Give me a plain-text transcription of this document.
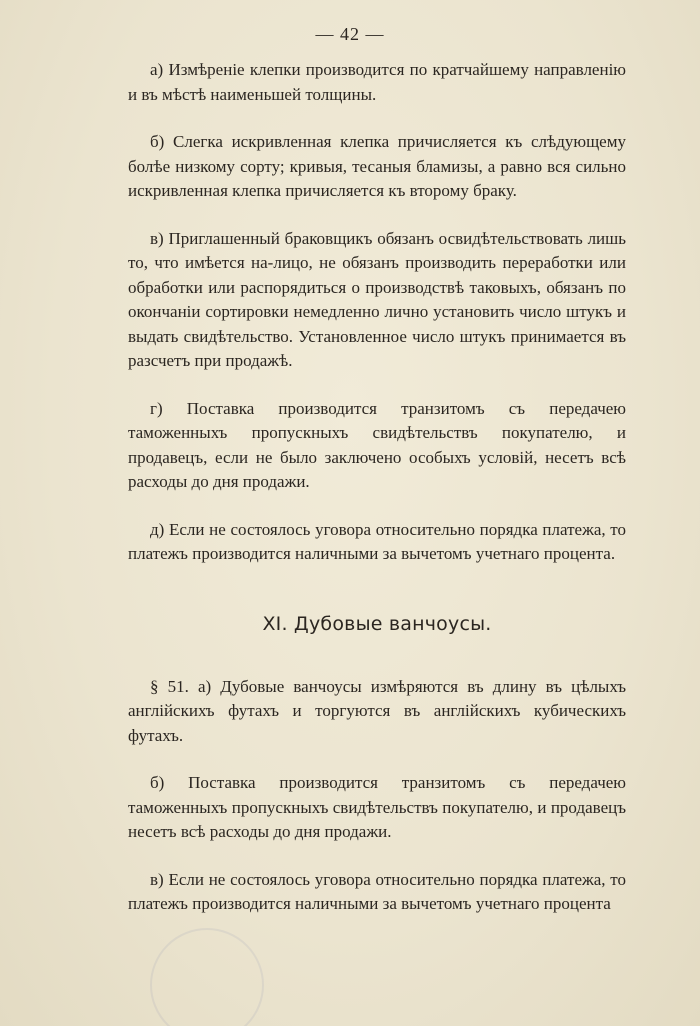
— 42 —

а) Измѣреніе клепки производится по кратчайшему направленію и въ мѣстѣ наименьшей толщины.

б) Слегка искривленная клепка причисляется къ слѣдующему болѣе низкому сорту; кривыя, тесаныя бламизы, а равно вся сильно искривленная клепка причисляется къ второму браку.

в) Приглашенный браковщикъ обязанъ освидѣтельствовать лишь то, что имѣется на-лицо, не обязанъ производить переработки или обработки или распорядиться о производствѣ таковыхъ, обязанъ по окончаніи сортировки немедленно лично установить число штукъ и выдать свидѣтельство. Установленное число штукъ принимается въ разсчетъ при продажѣ.

г) Поставка производится транзитомъ съ передачею таможенныхъ пропускныхъ свидѣтельствъ покупателю, и продавецъ, если не было заключено особыхъ условій, несетъ всѣ расходы до дня продажи.

д) Если не состоялось уговора относительно порядка платежа, то платежъ производится наличными за вычетомъ учетнаго процента.

XI. Дубовые ванчоусы.

§ 51. а) Дубовые ванчоусы измѣряются въ длину въ цѣлыхъ англійскихъ футахъ и торгуются въ англійскихъ кубическихъ футахъ.

б) Поставка производится транзитомъ съ передачею таможенныхъ пропускныхъ свидѣтельствъ покупателю, и продавецъ несетъ всѣ расходы до дня продажи.

в) Если не состоялось уговора относительно порядка платежа, то платежъ производится наличными за вычетомъ учетнаго процента
